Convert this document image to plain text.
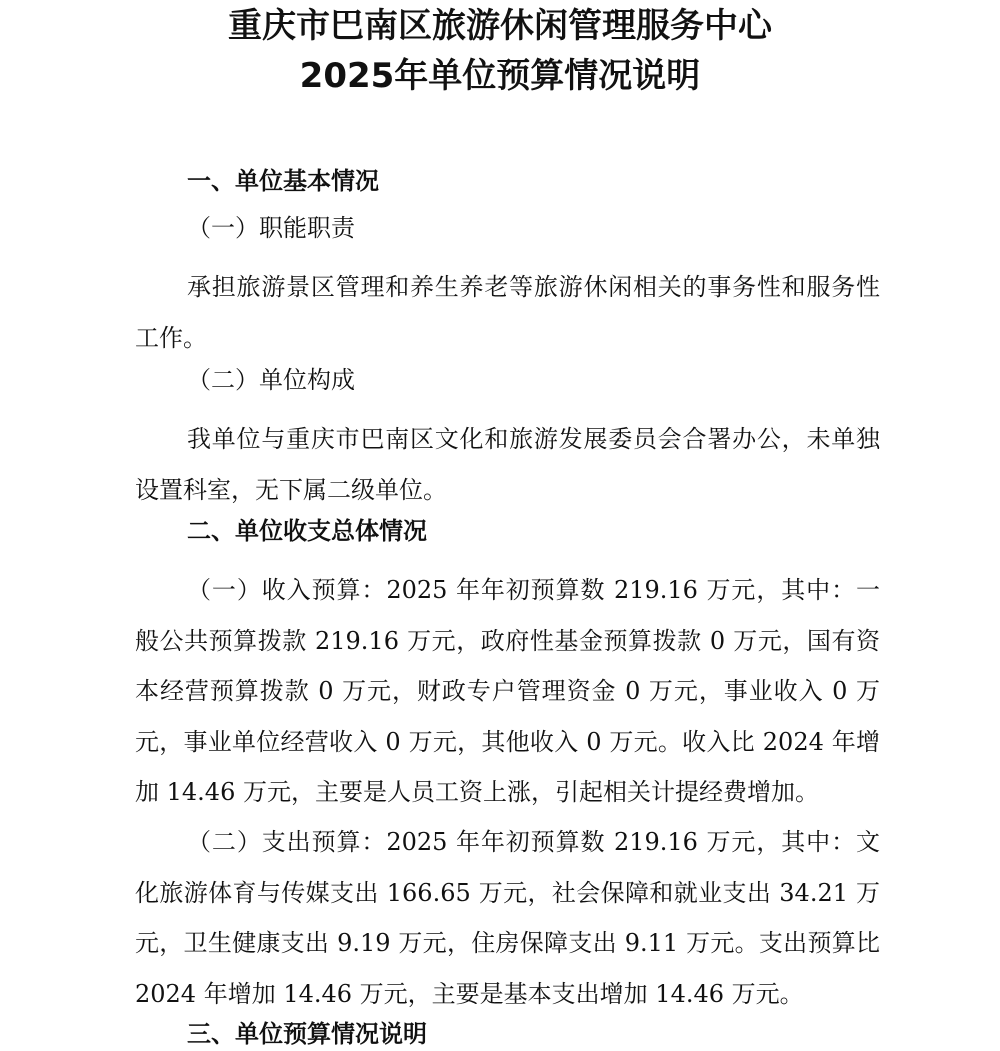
重庆市巴南区旅游休闲管理服务中心
2025年单位预算情况说明
一、单位基本情况
（一）职能职责
承担旅游景区管理和养生养老等旅游休闲相关的事务性和服务性工作。
（二）单位构成
我单位与重庆市巴南区文化和旅游发展委员会合署办公，未单独设置科室，无下属二级单位。
二、单位收支总体情况
（一）收入预算：2025 年年初预算数 219.16 万元，其中：一般公共预算拨款 219.16 万元，政府性基金预算拨款 0 万元，国有资本经营预算拨款 0 万元，财政专户管理资金 0 万元，事业收入 0 万元，事业单位经营收入 0 万元，其他收入 0 万元。收入比 2024 年增加 14.46 万元，主要是人员工资上涨，引起相关计提经费增加。
（二）支出预算：2025 年年初预算数 219.16 万元，其中：文化旅游体育与传媒支出 166.65 万元，社会保障和就业支出 34.21 万元，卫生健康支出 9.19 万元，住房保障支出 9.11 万元。支出预算比 2024 年增加 14.46 万元，主要是基本支出增加 14.46 万元。
三、单位预算情况说明
